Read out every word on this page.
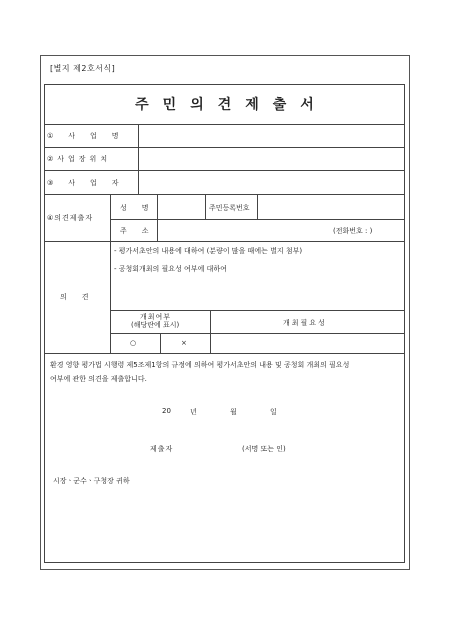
[별지 제2호서식]
주민의견제출서
①사업명
②사업장위치
③사업자
④의견제출자
성명	주민등록번호
주소	(전화번호 : )
의견
- 평가서초안의 내용에 대하여 (분량이 많을 때에는 별지 첨부)
- 공청회개최의 필요성 여부에 대하여
개최여부
(해당란에 표시)	개최필요성
○	×
환경 영향 평가법 시행령 제5조제1항의 규정에 의하여 평가서초안의 내용 및 공청회 개최의 필요성
여부에 관한 의견을 제출합니다.
20	년	월	일
제출자	(서명 또는 인)
시장ㆍ군수ㆍ구청장 귀하
